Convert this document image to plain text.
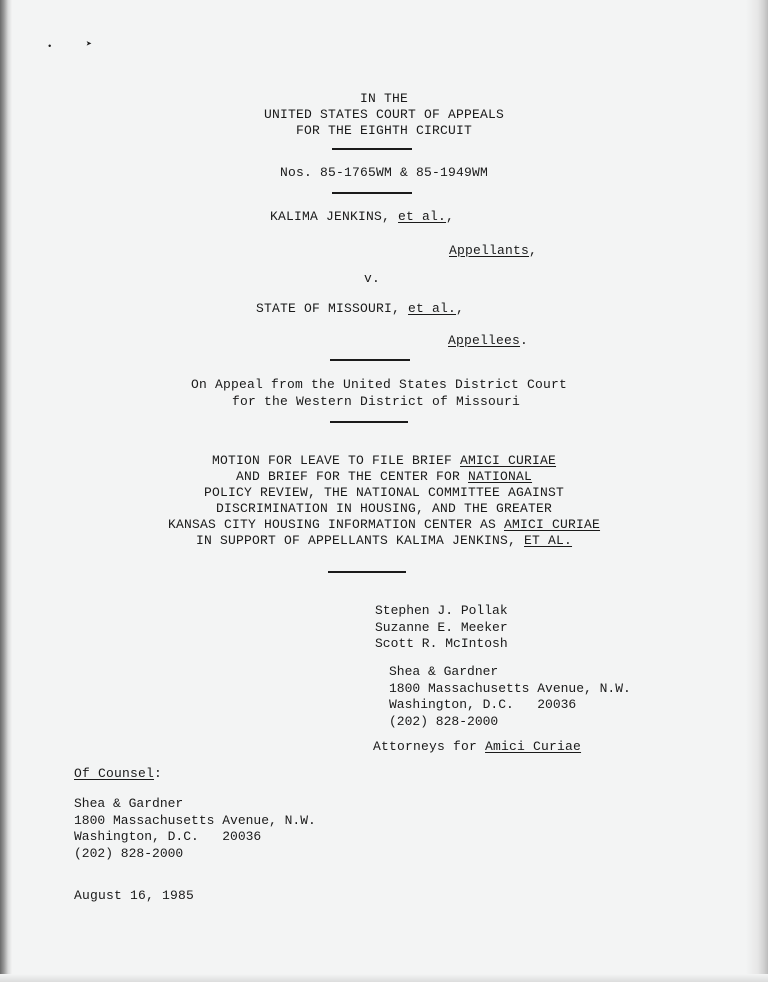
•	➤
IN THE
UNITED STATES COURT OF APPEALS
FOR THE EIGHTH CIRCUIT
Nos. 85-1765WM & 85-1949WM
KALIMA JENKINS, et al.,
Appellants,
v.
STATE OF MISSOURI, et al.,
Appellees.
On Appeal from the United States District Court
for the Western District of Missouri
MOTION FOR LEAVE TO FILE BRIEF AMICI CURIAE
AND BRIEF FOR THE CENTER FOR NATIONAL
POLICY REVIEW, THE NATIONAL COMMITTEE AGAINST
DISCRIMINATION IN HOUSING, AND THE GREATER
KANSAS CITY HOUSING INFORMATION CENTER AS AMICI CURIAE
IN SUPPORT OF APPELLANTS KALIMA JENKINS, ET AL.
Stephen J. Pollak
Suzanne E. Meeker
Scott R. McIntosh
Shea & Gardner
1800 Massachusetts Avenue, N.W.
Washington, D.C.   20036
(202) 828-2000
Attorneys for Amici Curiae
Of Counsel:
Shea & Gardner
1800 Massachusetts Avenue, N.W.
Washington, D.C.   20036
(202) 828-2000
August 16, 1985
